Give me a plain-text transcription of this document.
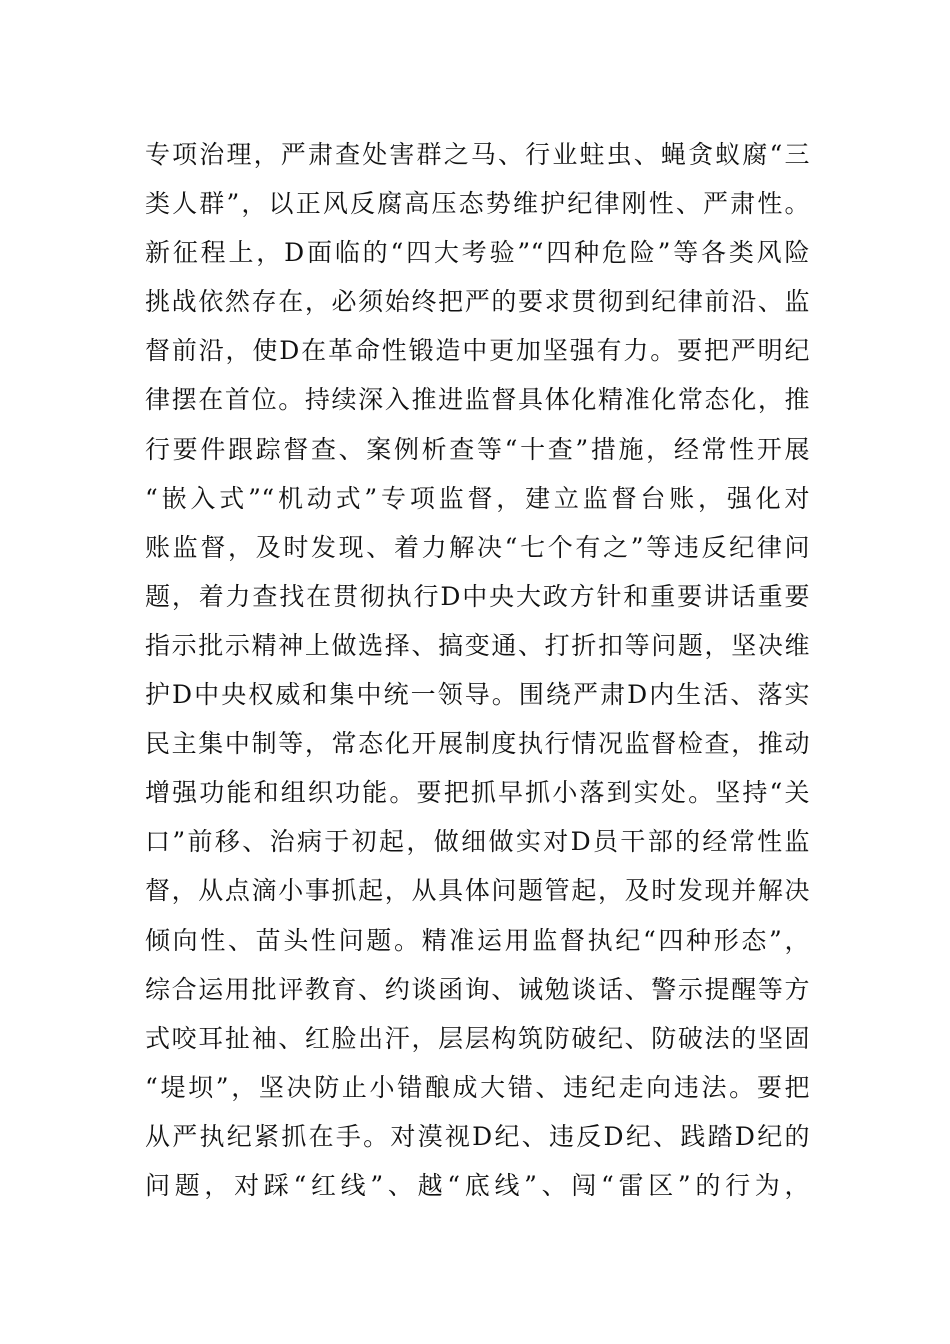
专项治理，严肃查处害群之马、行业蛀虫、蝇贪蚁腐“三
类人群”，以正风反腐高压态势维护纪律刚性、严肃性。
新征程上，D面临的“四大考验”“四种危险”等各类风险
挑战依然存在，必须始终把严的要求贯彻到纪律前沿、监
督前沿，使D在革命性锻造中更加坚强有力。要把严明纪
律摆在首位。持续深入推进监督具体化精准化常态化，推
行要件跟踪督查、案例析查等“十查”措施，经常性开展
“嵌入式”“机动式”专项监督，建立监督台账，强化对
账监督，及时发现、着力解决“七个有之”等违反纪律问
题，着力查找在贯彻执行D中央大政方针和重要讲话重要
指示批示精神上做选择、搞变通、打折扣等问题，坚决维
护D中央权威和集中统一领导。围绕严肃D内生活、落实
民主集中制等，常态化开展制度执行情况监督检查，推动
增强功能和组织功能。要把抓早抓小落到实处。坚持“关
口”前移、治病于初起，做细做实对D员干部的经常性监
督，从点滴小事抓起，从具体问题管起，及时发现并解决
倾向性、苗头性问题。精准运用监督执纪“四种形态”，
综合运用批评教育、约谈函询、诫勉谈话、警示提醒等方
式咬耳扯袖、红脸出汗，层层构筑防破纪、防破法的坚固
“堤坝”，坚决防止小错酿成大错、违纪走向违法。要把
从严执纪紧抓在手。对漠视D纪、违反D纪、践踏D纪的
问题，对踩“红线”、越“底线”、闯“雷区”的行为，
